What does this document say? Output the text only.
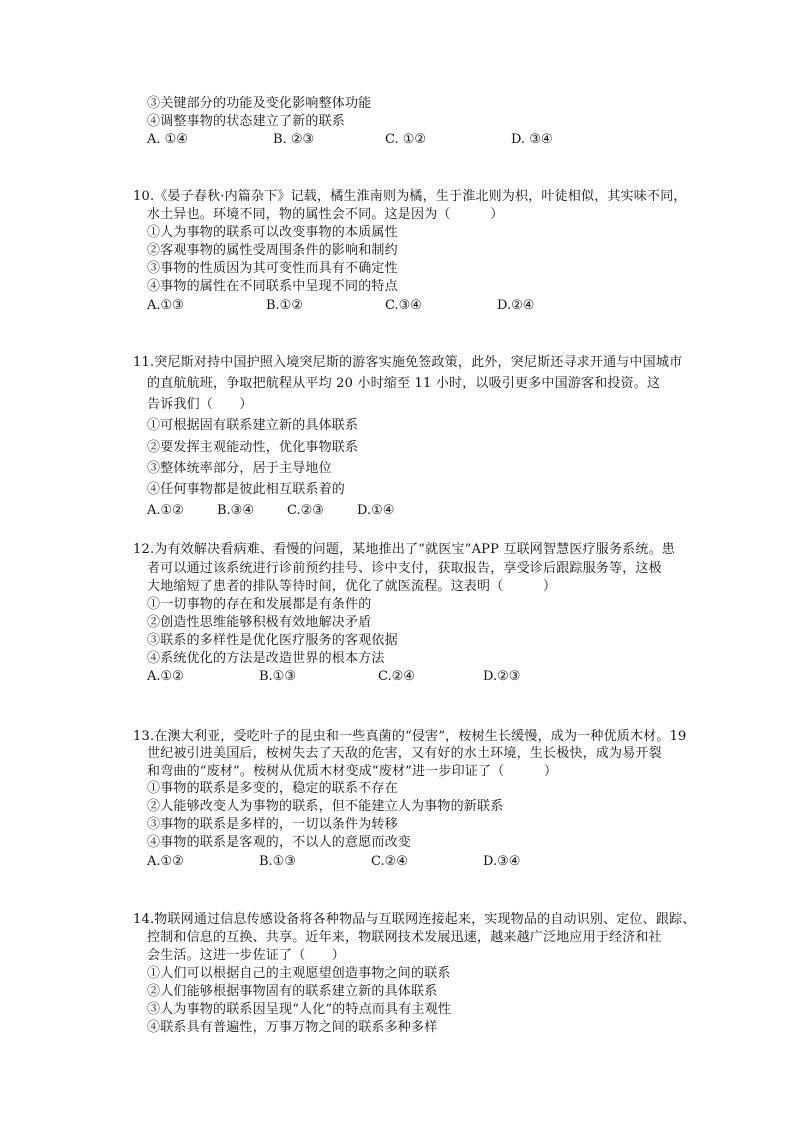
③关键部分的功能及变化影响整体功能
④调整事物的状态建立了新的联系
A. ①④	B. ②③	C. ①②	D. ③④
10.《晏子春秋·内篇杂下》记载，橘生淮南则为橘，生于淮北则为枳，叶徒相似，其实味不同，
水土异也。环境不同，物的属性会不同。这是因为（　　　）
①人为事物的联系可以改变事物的本质属性
②客观事物的属性受周围条件的影响和制约
③事物的性质因为其可变性而具有不确定性
④事物的属性在不同联系中呈现不同的特点
A.①③	B.①②	C.③④	D.②④
11.突尼斯对持中国护照入境突尼斯的游客实施免签政策，此外，突尼斯还寻求开通与中国城市
的直航航班，争取把航程从平均 20 小时缩至 11 小时，以吸引更多中国游客和投资。这
告诉我们（　　）
①可根据固有联系建立新的具体联系
②要发挥主观能动性，优化事物联系
③整体统率部分，居于主导地位
④任何事物都是彼此相互联系着的
A.①②	B.③④	C.②③	D.①④
12.为有效解决看病难、看慢的问题，某地推出了“就医宝”APP 互联网智慧医疗服务系统。患
者可以通过该系统进行诊前预约挂号、诊中支付，获取报告，享受诊后跟踪服务等，这极
大地缩短了患者的排队等待时间，优化了就医流程。这表明（　　　）
①一切事物的存在和发展都是有条件的
②创造性思维能够积极有效地解决矛盾
③联系的多样性是优化医疗服务的客观依据
④系统优化的方法是改造世界的根本方法
A.①②	B.①③	C.②④	D.②③
13.在澳大利亚，受吃叶子的昆虫和一些真菌的“侵害”，桉树生长缓慢，成为一种优质木材。19
世纪被引进美国后，桉树失去了天敌的危害，又有好的水土环境，生长极快，成为易开裂
和弯曲的“废材”。桉树从优质木材变成“废材”进一步印证了（　　　）
①事物的联系是多变的，稳定的联系不存在
②人能够改变人为事物的联系，但不能建立人为事物的新联系
③事物的联系是多样的，一切以条件为转移
④事物的联系是客观的，不以人的意愿而改变
A.①②	B.①③	C.②④	D.③④
14.物联网通过信息传感设备将各种物品与互联网连接起来，实现物品的自动识别、定位、跟踪、
控制和信息的互换、共享。近年来，物联网技术发展迅速，越来越广泛地应用于经济和社
会生活。这进一步佐证了（　　）
①人们可以根据自己的主观愿望创造事物之间的联系
②人们能够根据事物固有的联系建立新的具体联系
③人为事物的联系因呈现“人化”的特点而具有主观性
④联系具有普遍性，万事万物之间的联系多种多样
